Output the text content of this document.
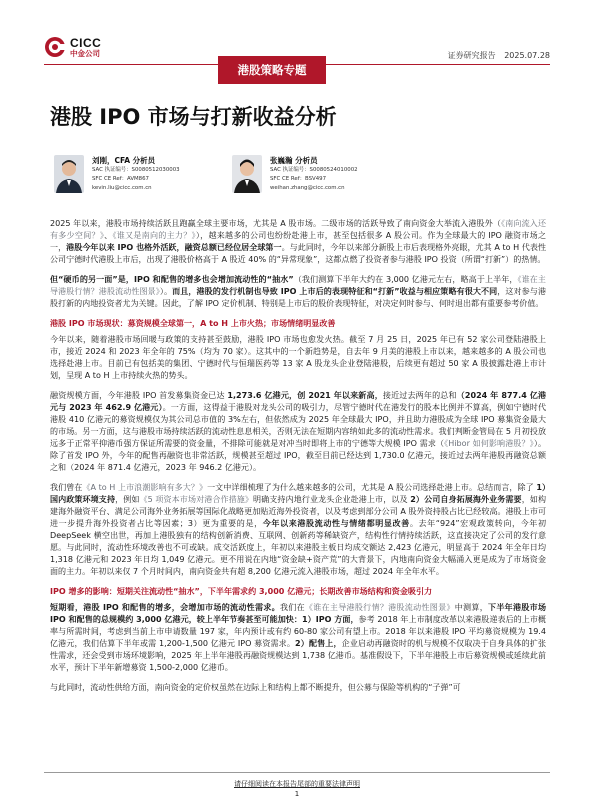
CICC
中金公司	证券研究报告 2025.07.28
港股策略专题
港股 IPO 市场与打新收益分析
刘刚，CFA 分析员
SAC 执证编号：S0080512030003
SFC CE Ref：AVM867
kevin.liu@cicc.com.cn
张巍瀚 分析员
SAC 执证编号：S0080524010002
SFC CE Ref：BSV497
weihan.zhang@cicc.com.cn

2025 年以来，港股市场持续活跃且跑赢全球主要市场，尤其是 A 股市场。二级市场的活跃导致了南向资金大举流入港股外（《南向流入还有多少空间？》、《谁又是南向的主力？》），越来越多的公司也纷纷赴港上市，甚至包括很多 A 股公司。作为全球最大的 IPO 融资市场之一，港股今年以来 IPO 也格外活跃，融资总额已经位居全球第一。与此同时，今年以来部分新股上市后表现格外亮眼，尤其 A to H 代表性公司宁德时代港股上市后，出现了港股价格高于 A 股近 40% 的“异常现象”，这都点燃了投资者参与港股 IPO 投资（所谓“打新”）的热情。

但“硬币的另一面”是，IPO 和配售的增多也会增加流动性的“抽水”（我们测算下半年大约在 3,000 亿港元左右，略高于上半年，《谁在主导港股行情？港股流动性图景》）。而且，港股的发行机制也导致 IPO 上市后的表现特征和“打新”收益与相应策略有很大不同，这对参与港股打新的内地投资者尤为关键。因此，了解 IPO 定价机制、特别是上市后的股价表现特征，对决定何时参与、何时退出都有重要参考价值。

港股 IPO 市场现状：募资规模全球第一，A to H 上市火热；市场情绪明显改善

今年以来，随着港股市场回暖与政策的支持甚至鼓励，港股 IPO 市场也愈发火热。截至 7 月 25 日，2025 年已有 52 家公司登陆港股上市，接近 2024 和 2023 年全年的 75%（均为 70 家）。这其中的一个新趋势是，自去年 9 月美的港股上市以来，越来越多的 A 股公司也选择赴港上市。目前已有包括美的集团、宁德时代与恒瑞医药等 13 家 A 股龙头企业登陆港股，后续更有超过 50 家 A 股披露赴港上市计划，呈现 A to H 上市持续火热的势头。

融资规模方面，今年港股 IPO 首发募集资金已达 1,273.6 亿港元，创 2021 年以来新高，接近过去两年的总和（2024 年 877.4 亿港元与 2023 年 462.9 亿港元）。一方面，这得益于港股对龙头公司的吸引力，尽管宁德时代在港发行的股本比例并不算高，例如宁德时代港股 410 亿港元的募资规模仅为其公司总市值的 3%左右，但依然成为 2025 年全球最大 IPO，并且助力港股成为全球 IPO 募集资金最大的市场。另一方面，这与港股市场持续活跃的流动性息息相关，否则无法在短期内容纳如此多的流动性需求。我们判断金管局在 5 月初投放远多于正常平抑港币强方保证所需要的资金量，不排除可能就是对冲当时即将上市的宁德等大规模 IPO 需求（《Hibor 如何影响港股？》）。除了首发 IPO 外，今年的配售再融资也非常活跃，规模甚至超过 IPO，截至目前已经达到 1,730.0 亿港元，接近过去两年港股再融资总额之和（2024 年 871.4 亿港元，2023 年 946.2 亿港元）。

我们曾在《A to H 上市浪潮影响有多大？》一文中详细梳理了为什么越来越多的公司，尤其是 A 股公司选择赴港上市。总结而言，除了 1）国内政策环境支持，例如《5 项资本市场对港合作措施》明确支持内地行业龙头企业赴港上市，以及 2）公司自身拓展海外业务需要，如构建海外融资平台、满足公司海外业务拓展等国际化战略更加贴近海外投资者，以及考虑到部分公司 A 股外资持股占比已经较高。港股上市可进一步提升海外投资者占比等因素；3）更为重要的是，今年以来港股流动性与情绪都明显改善。去年“924”宏观政策转向，今年初 DeepSeek 横空出世，再加上港股独有的结构创新消费、互联网、创新药等稀缺资产，结构性行情持续活跃，这直接决定了公司的发行意愿。与此同时，流动性环境改善也不可或缺。成交活跃度上，年初以来港股主板日均成交额达 2,423 亿港元，明显高于 2024 年全年日均 1,318 亿港元和 2023 年日均 1,049 亿港元。更不用说在内地“资金缺+资产荒”的大背景下，内地南向资金大幅涌入更是成为了市场资金面的主力。年初以来仅 7 个月时间内，南向资金共有超 8,200 亿港元流入港股市场，超过 2024 年全年水平。

IPO 增多的影响：短期关注流动性“抽水”，下半年需求约 3,000 亿港元；长期改善市场结构和资金吸引力

短期看，港股 IPO 和配售的增多，会增加市场的流动性需求。我们在《谁在主导港股行情？港股流动性图景》中测算，下半年港股市场 IPO 和配售的总规模约 3,000 亿港元，较上半年节奏甚至可能加快：1）IPO 方面，参考 2018 年上市制度改革以来港股递表后的上市概率与所需时间，考虑到当前上市申请数量 197 家，年内预计或有约 60-80 家公司有望上市。2018 年以来港股 IPO 平均募资规模为 19.4 亿港元，我们估算下半年或需 1,200-1,500 亿港元 IPO 募资需求。2）配售上，企业启动再融资时的机与规模不仅取决于自身具体的扩张性需求，还会受到市场环境影响，2025 年上半年港股再融资规模达到 1,738 亿港币。基准假设下，下半年港股上市后募资规模或延续此前水平，预计下半年新增募资 1,500-2,000 亿港币。

与此同时，流动性供给方面，南向资金的定价权虽然在边际上和结构上都不断提升，但公募与保险等机构的“子弹”可

请仔细阅读在本报告尾部的重要法律声明
1
